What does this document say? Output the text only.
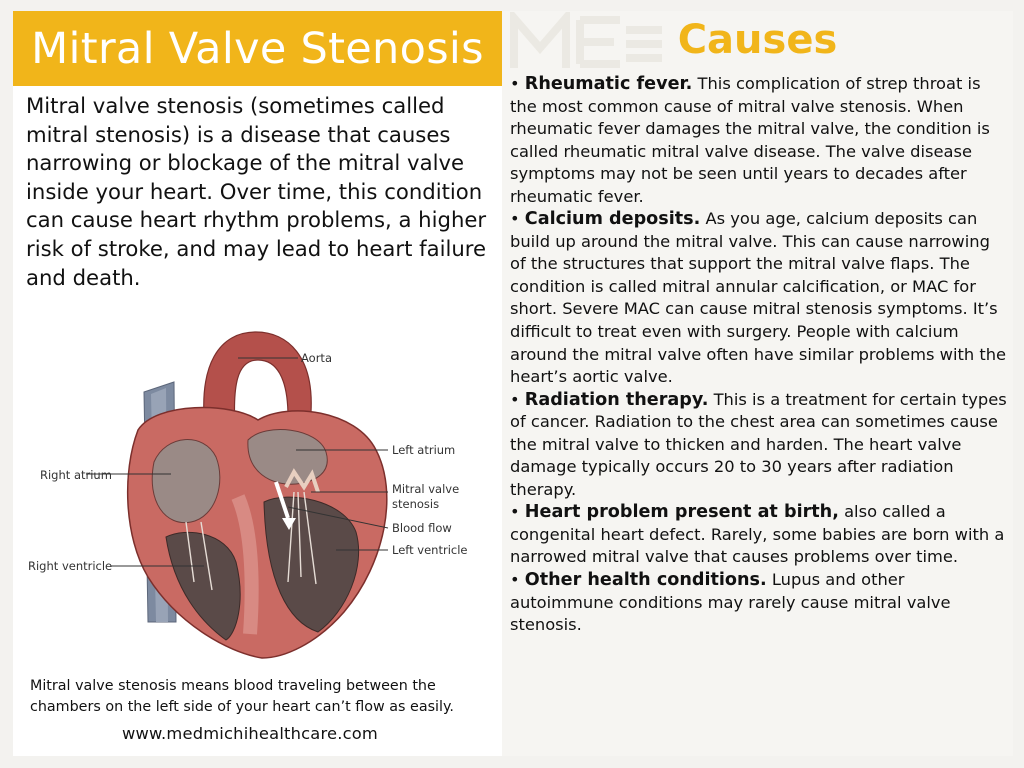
Mitral Valve Stenosis

Mitral valve stenosis (sometimes called mitral stenosis) is a disease that causes narrowing or blockage of the mitral valve inside your heart. Over time, this condition can cause heart rhythm problems, a higher risk of stroke, and may lead to heart failure and death.

Aorta
Left atrium
Right atrium
Mitral valve
stenosis
Blood flow
Left ventricle
Right ventricle

Mitral valve stenosis means blood traveling between the chambers on the left side of your heart can’t flow as easily.

www.medmichihealthcare.com
Causes

• Rheumatic fever. This complication of strep throat is the most common cause of mitral valve stenosis. When rheumatic fever damages the mitral valve, the condition is called rheumatic mitral valve disease. The valve disease symptoms may not be seen until years to decades after rheumatic fever.

• Calcium deposits. As you age, calcium deposits can build up around the mitral valve. This can cause narrowing of the structures that support the mitral valve flaps. The condition is called mitral annular calcification, or MAC for short. Severe MAC can cause mitral stenosis symptoms. It’s difficult to treat even with surgery. People with calcium around the mitral valve often have similar problems with the heart’s aortic valve.

• Radiation therapy. This is a treatment for certain types of cancer. Radiation to the chest area can sometimes cause the mitral valve to thicken and harden. The heart valve damage typically occurs 20 to 30 years after radiation therapy.

• Heart problem present at birth, also called a congenital heart defect. Rarely, some babies are born with a narrowed mitral valve that causes problems over time.

• Other health conditions. Lupus and other autoimmune conditions may rarely cause mitral valve stenosis.
